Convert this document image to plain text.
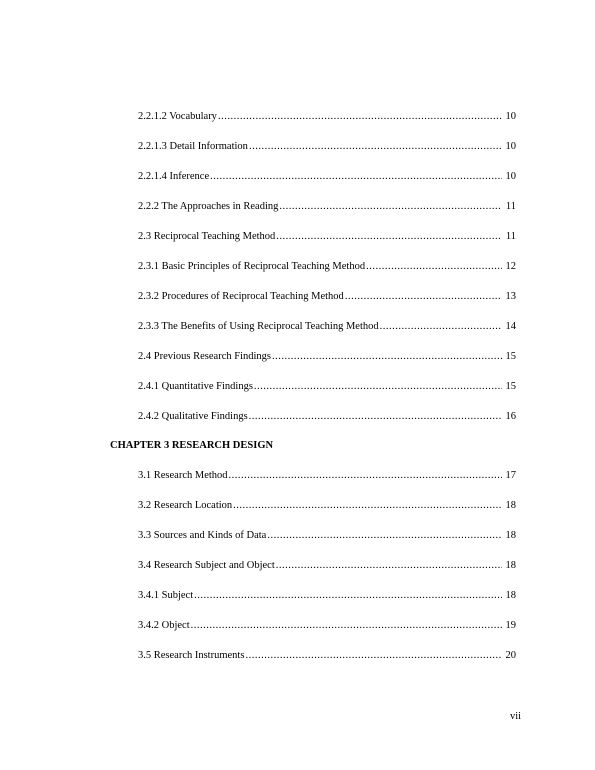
2.2.1.2 Vocabulary .....	10
2.2.1.3 Detail Information .....	10
2.2.1.4 Inference .....	10
2.2.2 The Approaches in Reading .....	11
2.3 Reciprocal Teaching Method .....	11
2.3.1 Basic Principles of Reciprocal Teaching Method .....	12
2.3.2 Procedures of Reciprocal Teaching Method .....	13
2.3.3 The Benefits of Using Reciprocal Teaching Method .....	14
2.4 Previous Research Findings .....	15
2.4.1 Quantitative Findings .....	15
2.4.2 Qualitative Findings .....	16
CHAPTER 3 RESEARCH DESIGN
3.1 Research Method .....	17
3.2 Research Location .....	18
3.3 Sources and Kinds of Data .....	18
3.4 Research Subject and Object .....	18
3.4.1 Subject .....	18
3.4.2 Object .....	19
3.5 Research Instruments .....	20
vii
